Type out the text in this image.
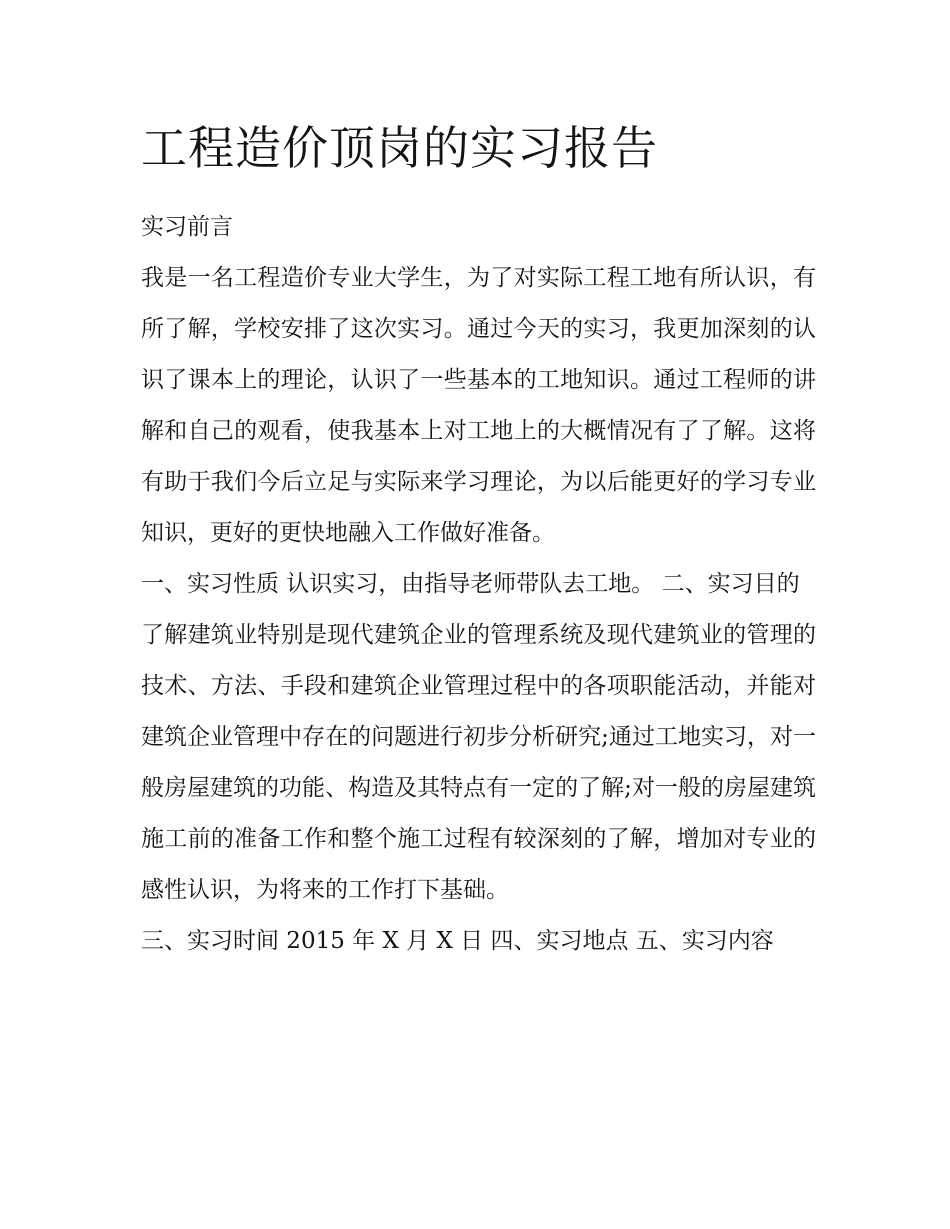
工程造价顶岗的实习报告

实习前言

我是一名工程造价专业大学生，为了对实际工程工地有所认识，有所了解，学校安排了这次实习。通过今天的实习，我更加深刻的认识了课本上的理论，认识了一些基本的工地知识。通过工程师的讲解和自己的观看，使我基本上对工地上的大概情况有了了解。这将有助于我们今后立足与实际来学习理论，为以后能更好的学习专业知识，更好的更快地融入工作做好准备。

一、实习性质 认识实习，由指导老师带队去工地。 二、实习目的

了解建筑业特别是现代建筑企业的管理系统及现代建筑业的管理的技术、方法、手段和建筑企业管理过程中的各项职能活动，并能对建筑企业管理中存在的问题进行初步分析研究;通过工地实习，对一般房屋建筑的功能、构造及其特点有一定的了解;对一般的房屋建筑施工前的准备工作和整个施工过程有较深刻的了解，增加对专业的感性认识，为将来的工作打下基础。

三、实习时间 2015 年 X 月 X 日 四、实习地点 五、实习内容
